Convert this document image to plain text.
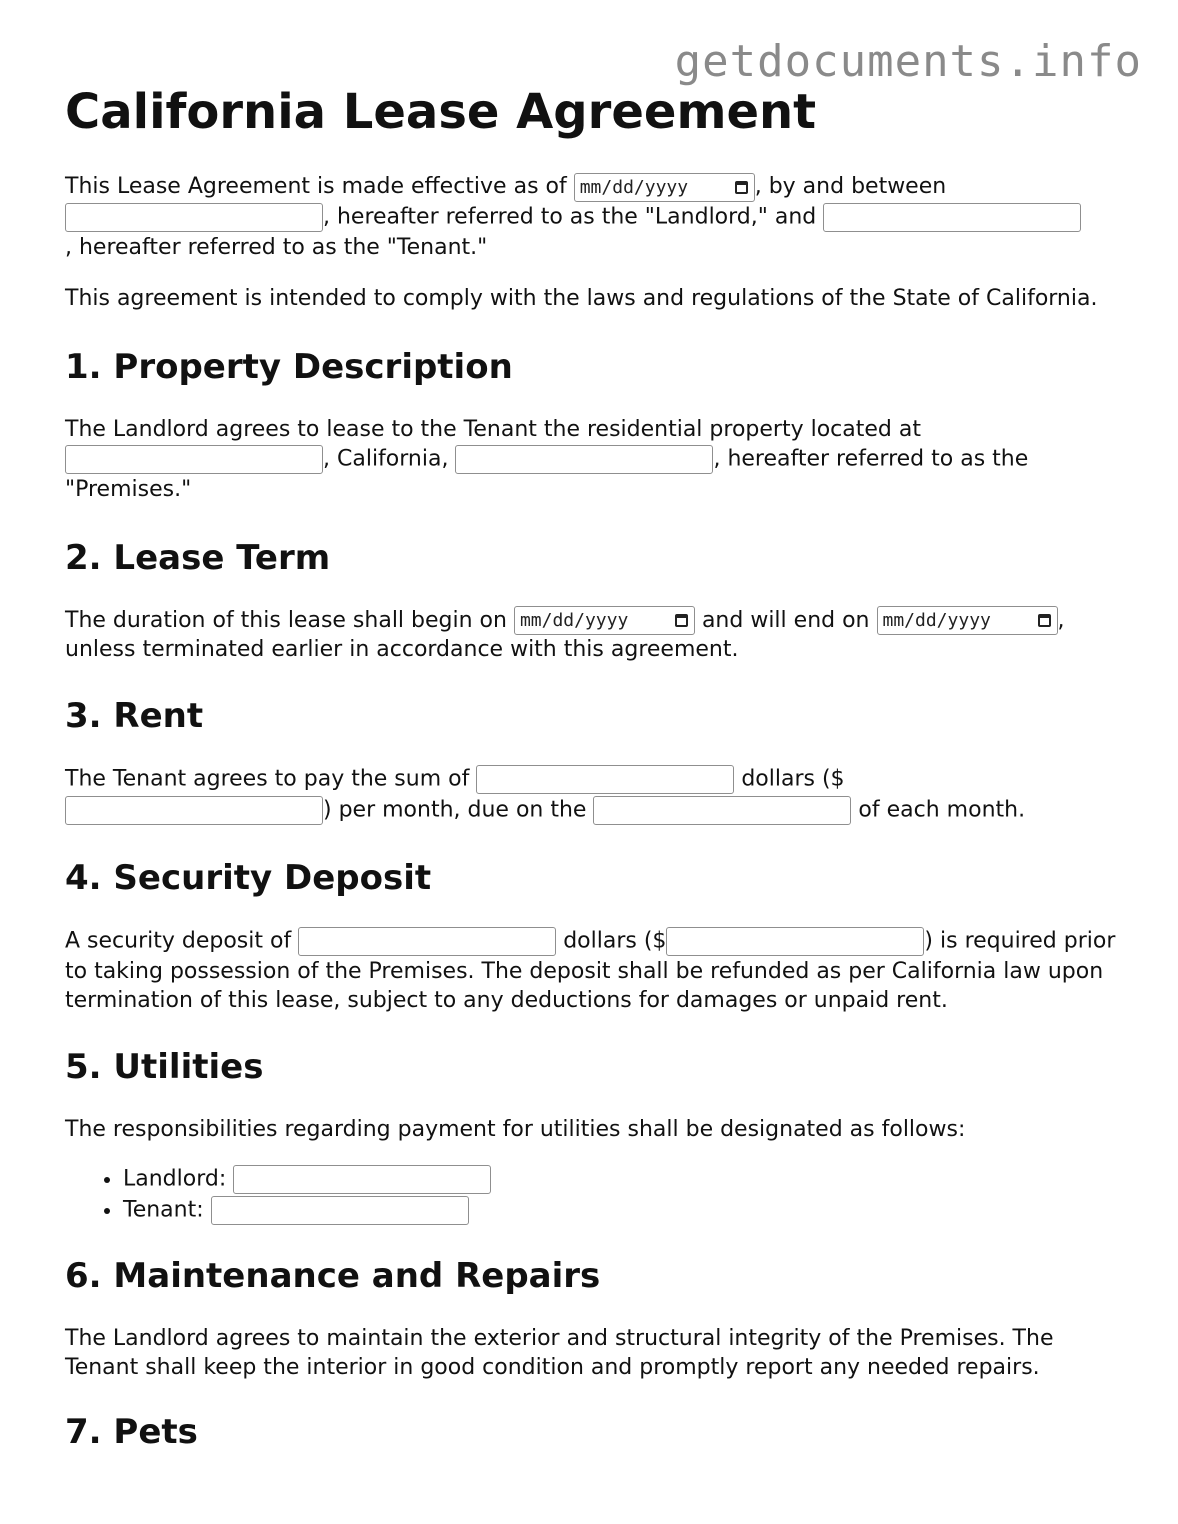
getdocuments.info
California Lease Agreement

This Lease Agreement is made effective as of mm/dd/yyyy	, by and between
, hereafter referred to as the "Landlord," and
, hereafter referred to as the "Tenant."

This agreement is intended to comply with the laws and regulations of the State of California.

1. Property Description

The Landlord agrees to lease to the Tenant the residential property located at
, California,	, hereafter referred to as the "Premises."

2. Lease Term

The duration of this lease shall begin on mm/dd/yyyy	and will end on mm/dd/yyyy	, unless terminated earlier in accordance with this agreement.

3. Rent

The Tenant agrees to pay the sum of	dollars ($
) per month, due on the	of each month.

4. Security Deposit

A security deposit of	dollars ($	) is required prior to taking possession of the Premises. The deposit shall be refunded as per California law upon termination of this lease, subject to any deductions for damages or unpaid rent.

5. Utilities

The responsibilities regarding payment for utilities shall be designated as follows:

• Landlord:
• Tenant:
6. Maintenance and Repairs

The Landlord agrees to maintain the exterior and structural integrity of the Premises. The Tenant shall keep the interior in good condition and promptly report any needed repairs.

7. Pets
